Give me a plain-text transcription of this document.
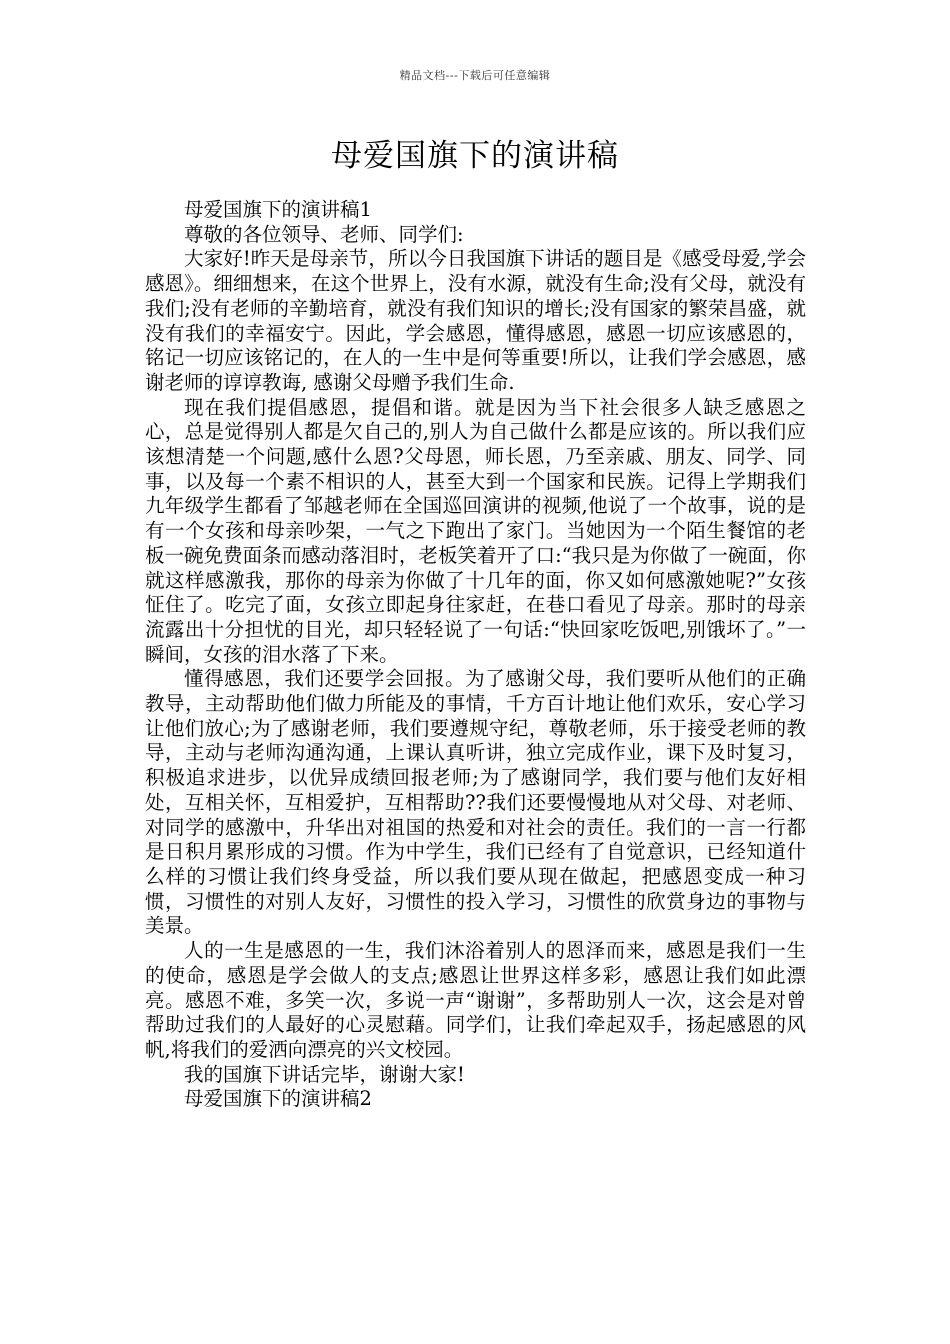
精品文档---下载后可任意编辑
母爱国旗下的演讲稿

母爱国旗下的演讲稿1

尊敬的各位领导、老师、同学们:

大家好!昨天是母亲节，所以今日我国旗下讲话的题目是《感受母爱,学会感恩》。细细想来，在这个世界上，没有水源，就没有生命;没有父母，就没有我们;没有老师的辛勤培育，就没有我们知识的增长;没有国家的繁荣昌盛，就没有我们的幸福安宁。因此，学会感恩，懂得感恩，感恩一切应该感恩的，铭记一切应该铭记的，在人的一生中是何等重要!所以，让我们学会感恩，感谢老师的谆谆教诲, 感谢父母赠予我们生命.

现在我们提倡感恩，提倡和谐。就是因为当下社会很多人缺乏感恩之心，总是觉得别人都是欠自己的,别人为自己做什么都是应该的。所以我们应该想清楚一个问题,感什么恩?父母恩，师长恩，乃至亲戚、朋友、同学、同事，以及每一个素不相识的人，甚至大到一个国家和民族。记得上学期我们九年级学生都看了邹越老师在全国巡回演讲的视频,他说了一个故事，说的是有一个女孩和母亲吵架，一气之下跑出了家门。当她因为一个陌生餐馆的老板一碗免费面条而感动落泪时，老板笑着开了口:“我只是为你做了一碗面，你就这样感激我，那你的母亲为你做了十几年的面，你又如何感激她呢?”女孩怔住了。吃完了面，女孩立即起身往家赶，在巷口看见了母亲。那时的母亲流露出十分担忧的目光，却只轻轻说了一句话:“快回家吃饭吧,别饿坏了。”一瞬间，女孩的泪水落了下来。

懂得感恩，我们还要学会回报。为了感谢父母，我们要听从他们的正确教导，主动帮助他们做力所能及的事情，千方百计地让他们欢乐，安心学习让他们放心;为了感谢老师，我们要遵规守纪，尊敬老师，乐于接受老师的教导，主动与老师沟通沟通，上课认真听讲，独立完成作业，课下及时复习，积极追求进步，以优异成绩回报老师;为了感谢同学，我们要与他们友好相处，互相关怀，互相爱护，互相帮助??我们还要慢慢地从对父母、对老师、对同学的感激中，升华出对祖国的热爱和对社会的责任。我们的一言一行都是日积月累形成的习惯。作为中学生，我们已经有了自觉意识，已经知道什么样的习惯让我们终身受益，所以我们要从现在做起，把感恩变成一种习惯，习惯性的对别人友好，习惯性的投入学习，习惯性的欣赏身边的事物与美景。

人的一生是感恩的一生，我们沐浴着别人的恩泽而来，感恩是我们一生的使命，感恩是学会做人的支点;感恩让世界这样多彩，感恩让我们如此漂亮。感恩不难，多笑一次，多说一声“谢谢”，多帮助别人一次，这会是对曾帮助过我们的人最好的心灵慰藉。同学们，让我们牵起双手，扬起感恩的风帆,将我们的爱洒向漂亮的兴文校园。

我的国旗下讲话完毕，谢谢大家!

母爱国旗下的演讲稿2
